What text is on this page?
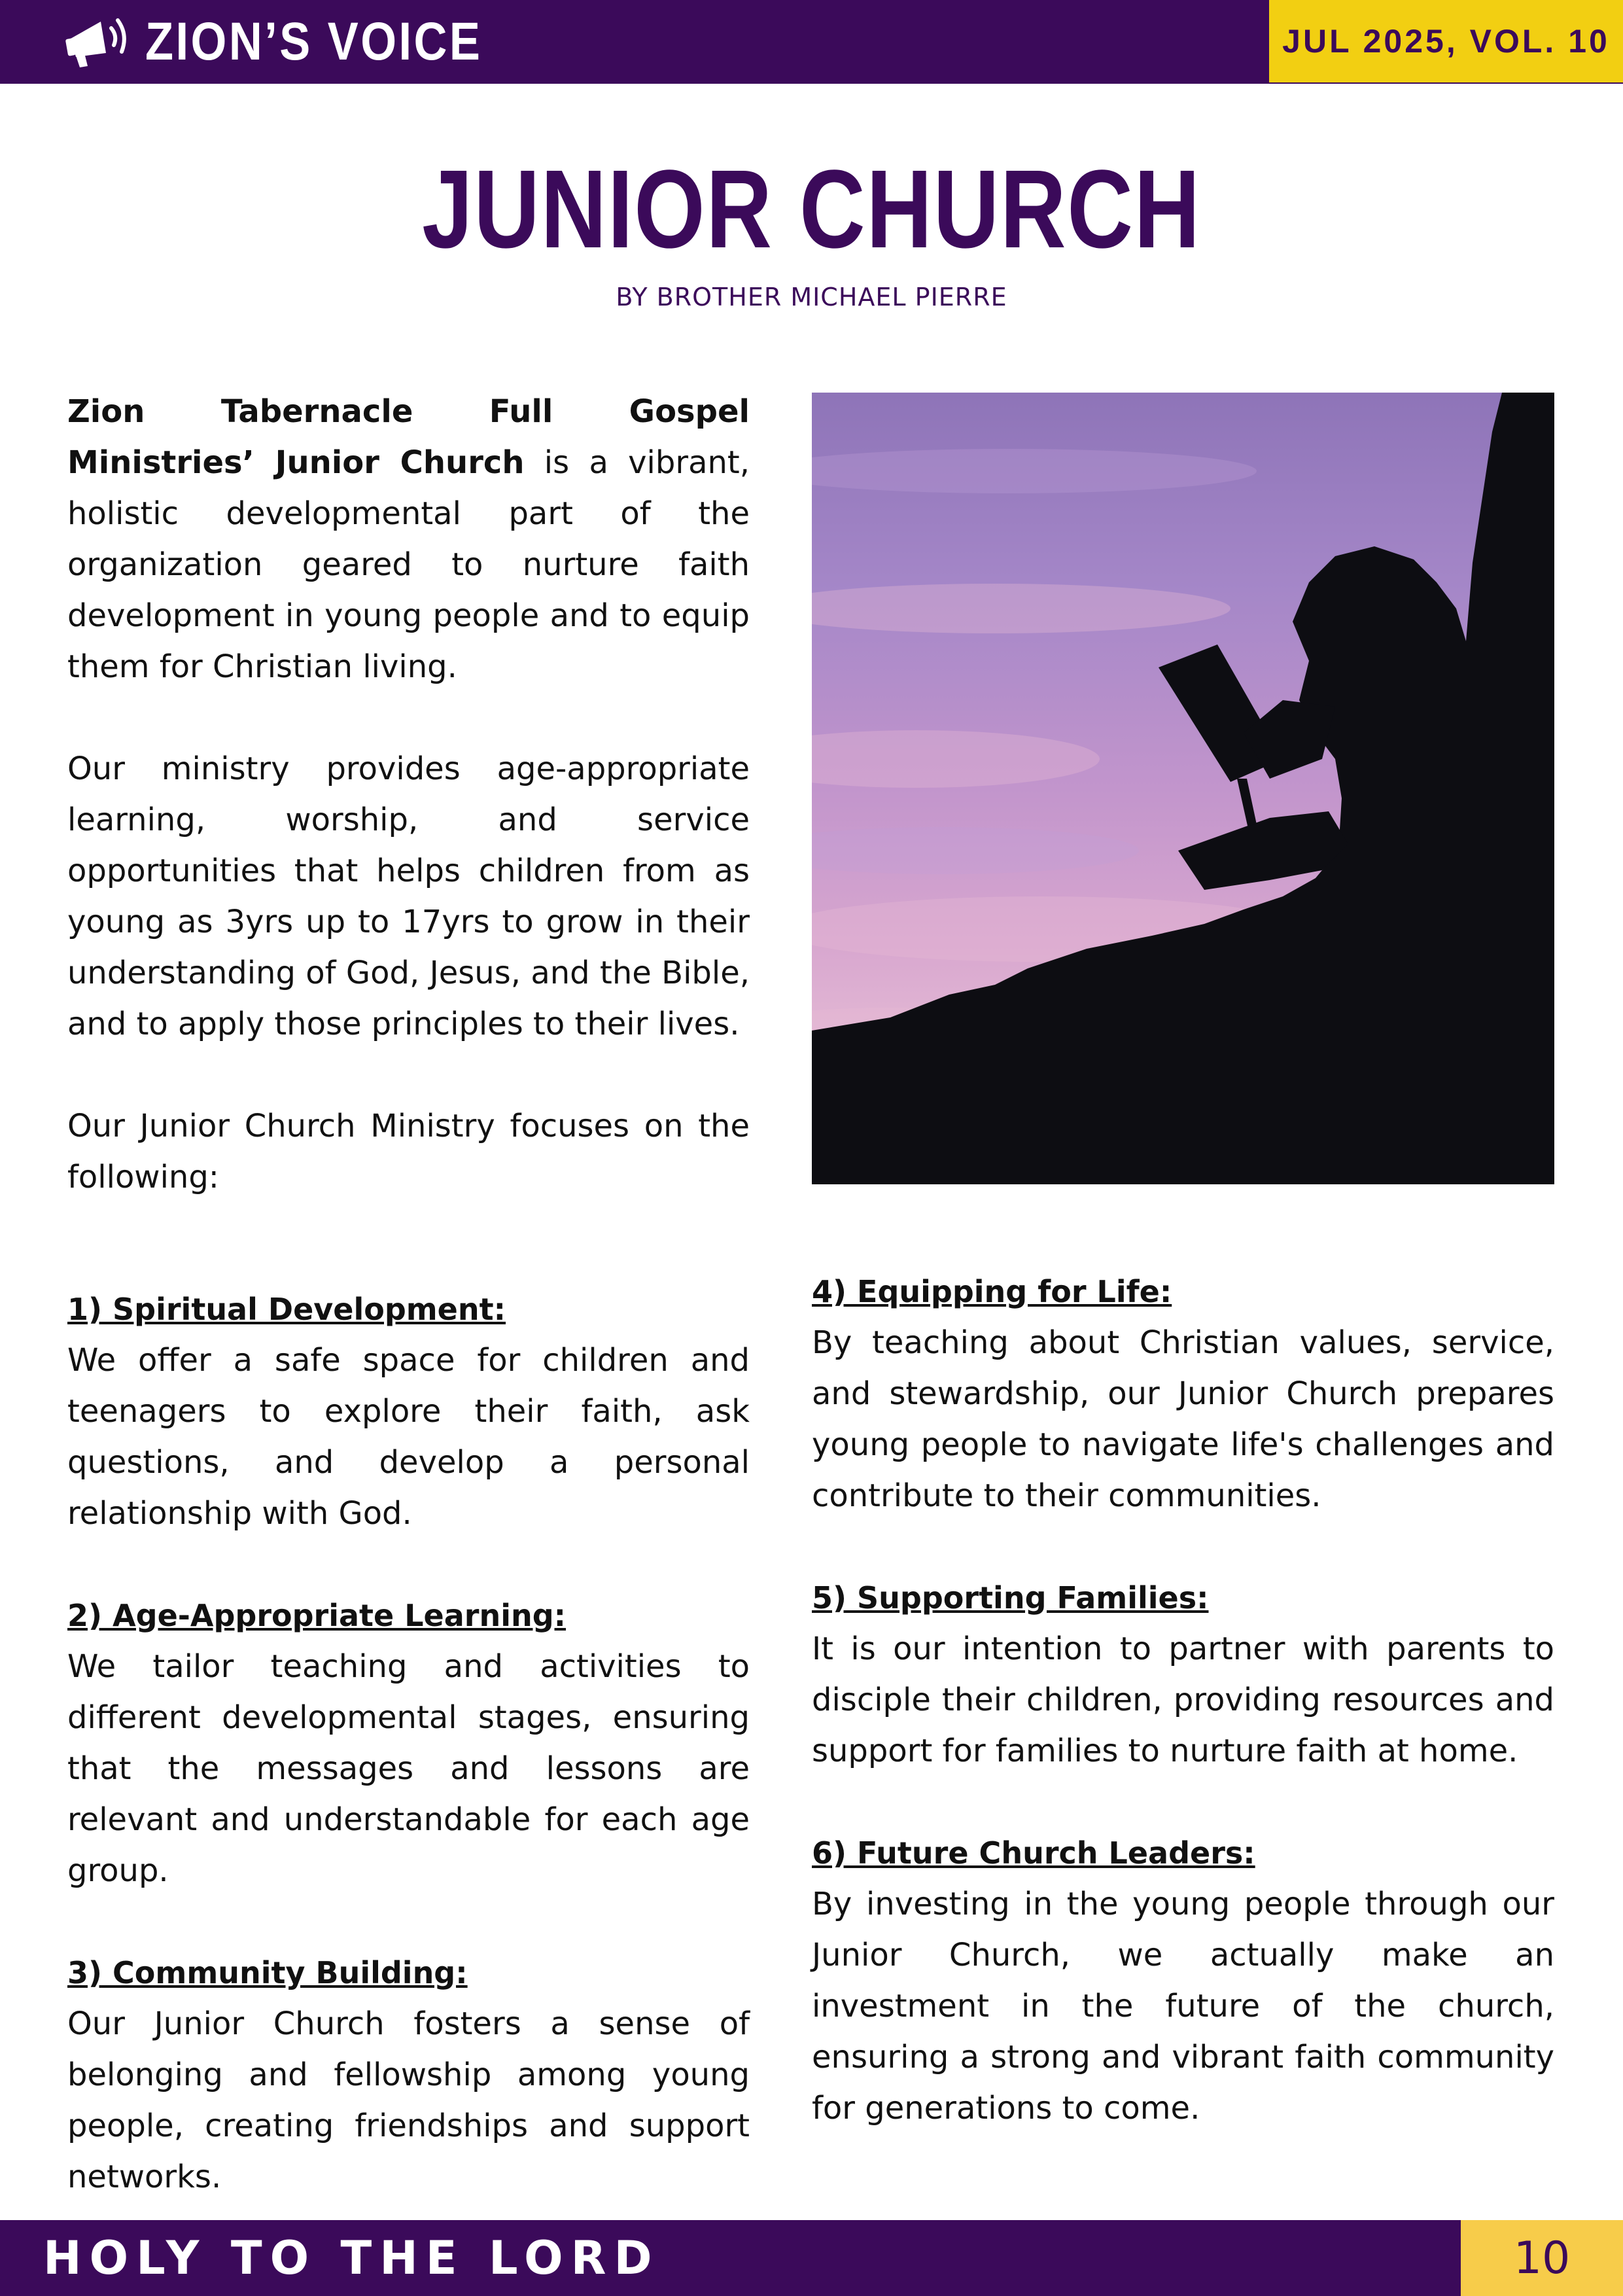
ZION’S VOICE	JUL 2025, VOL. 10
JUNIOR CHURCH
BY BROTHER MICHAEL PIERRE

Zion Tabernacle Full Gospel Ministries’ Junior Church is a vibrant, holistic developmental part of the organization geared to nurture faith development in young people and to equip them for Christian living.

Our ministry provides age-appropriate learning, worship, and service opportunities that helps children from as young as 3yrs up to 17yrs to grow in their understanding of God, Jesus, and the Bible, and to apply those principles to their lives.

Our Junior Church Ministry focuses on the following:

1) Spiritual Development:

We offer a safe space for children and teenagers to explore their faith, ask questions, and develop a personal relationship with God.

2) Age-Appropriate Learning:

We tailor teaching and activities to different developmental stages, ensuring that the messages and lessons are relevant and understandable for each age group.

3) Community Building:

Our Junior Church fosters a sense of belonging and fellowship among young people, creating friendships and support networks.

4) Equipping for Life:

By teaching about Christian values, service, and stewardship, our Junior Church prepares young people to navigate life's challenges and contribute to their communities.

5) Supporting Families:

It is our intention to partner with parents to disciple their children, providing resources and support for families to nurture faith at home.

6) Future Church Leaders:

By investing in the young people through our Junior Church, we actually make an investment in the future of the church, ensuring a strong and vibrant faith community for generations to come.

HOLY TO THE LORD	10
